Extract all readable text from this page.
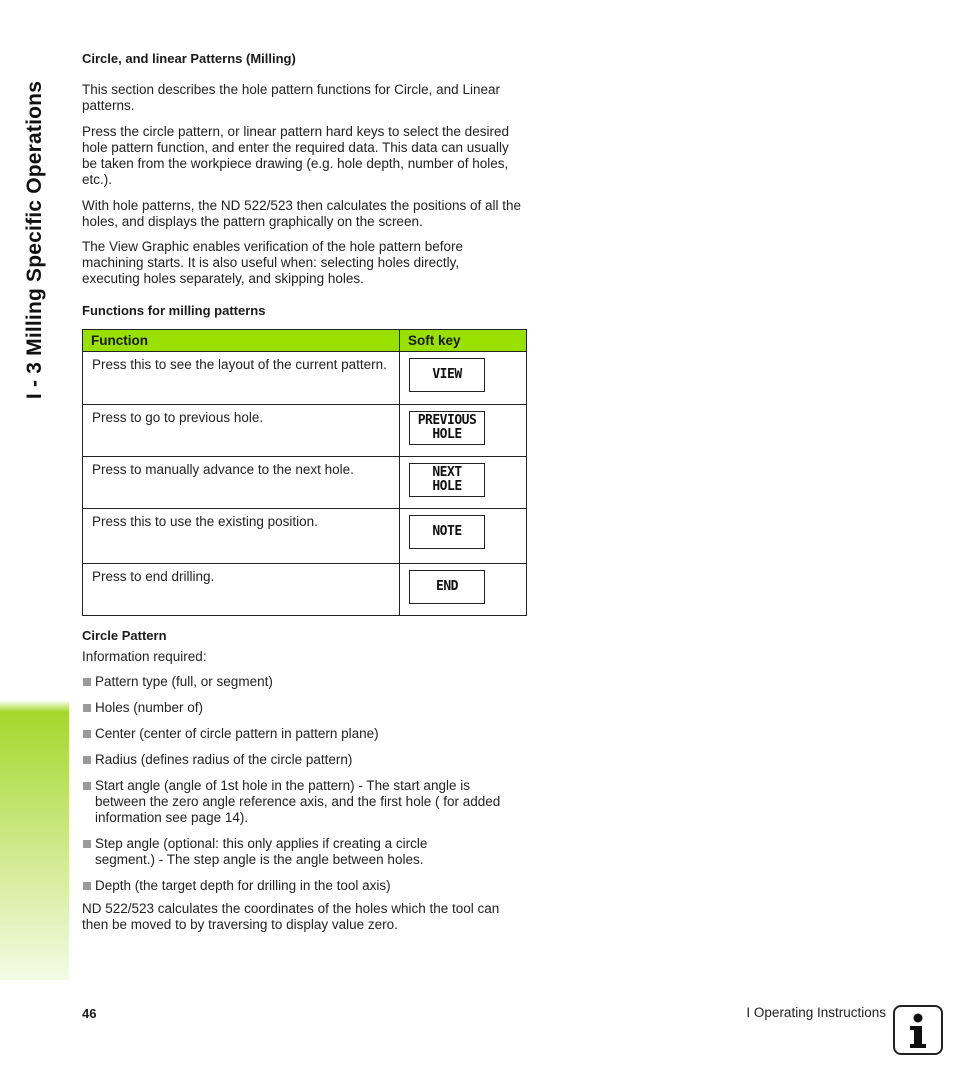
I - 3 Milling Specific Operations
Circle, and linear Patterns (Milling)
This section describes the hole pattern functions for Circle, and Linear patterns.
Press the circle pattern, or linear pattern hard keys to select the desired hole pattern function, and enter the required data. This data can usually be taken from the workpiece drawing (e.g. hole depth, number of holes, etc.).
With hole patterns, the ND 522/523 then calculates the positions of all the holes, and displays the pattern graphically on the screen.
The View Graphic enables verification of the hole pattern before machining starts. It is also useful when: selecting holes directly, executing holes separately, and skipping holes.
Functions for milling patterns
Function	Soft key
Press this to see the layout of the current pattern.	VIEW

Press to go to previous hole.	PREVIOUS
HOLE

Press to manually advance to the next hole.	NEXT
HOLE

Press this to use the existing position.	NOTE

Press to end drilling.	END
Circle Pattern
Information required:
Pattern type (full, or segment)
Holes (number of)
Center (center of circle pattern in pattern plane)
Radius (defines radius of the circle pattern)
Start angle (angle of 1st hole in the pattern) - The start angle is between the zero angle reference axis, and the first hole ( for added information see page 14).
Step angle (optional: this only applies if creating a circle segment.) - The step angle is the angle between holes.
Depth (the target depth for drilling in the tool axis)
ND 522/523 calculates the coordinates of the holes which the tool can then be moved to by traversing to display value zero.
46	I Operating Instructions
